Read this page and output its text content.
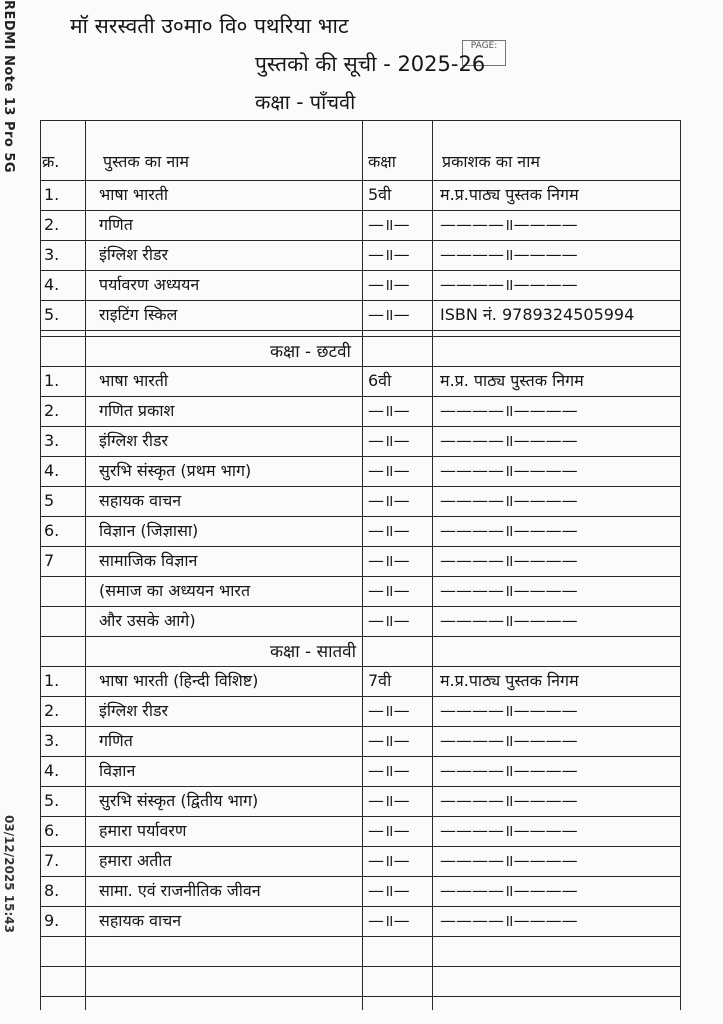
REDMI Note 13 Pro 5G
03/12/2025 15:43
मॉ सरस्वती उ०मा० वि० पथरिया भाट
PAGE:
पुस्तको की सूची - 2025-26
कक्षा - पाँचवी
क्र.	पुस्तक का नाम	कक्षा	प्रकाशक का नाम
1. भाषा भारती	5वी	म.प्र.पाठ्य पुस्तक निगम
2. गणित	—॥— ————॥————
3. इंग्लिश रीडर	—॥— ————॥————
4. पर्यावरण अध्ययन	—॥— ————॥————
5. राइटिंग स्किल	—॥— ISBN नं. 9789324505994
कक्षा - छटवी
1. भाषा भारती	6वी	म.प्र. पाठ्य पुस्तक निगम
2. गणित प्रकाश	—॥— ————॥————
3. इंग्लिश रीडर	—॥— ————॥————
4. सुरभि संस्कृत (प्रथम भाग)	—॥— ————॥————
5	सहायक वाचन	—॥— ————॥————
6. विज्ञान (जिज्ञासा)	—॥— ————॥————
7	सामाजिक विज्ञान	—॥— ————॥————
(समाज का अध्ययन भारत	—॥— ————॥————
और उसके आगे)	—॥— ————॥————
कक्षा - सातवी
1. भाषा भारती (हिन्दी विशिष्ट)	7वी	म.प्र.पाठ्य पुस्तक निगम
2. इंग्लिश रीडर	—॥— ————॥————
3. गणित	—॥— ————॥————
4. विज्ञान	—॥— ————॥————
5. सुरभि संस्कृत (द्वितीय भाग)	—॥— ————॥————
6. हमारा पर्यावरण	—॥— ————॥————
7. हमारा अतीत	—॥— ————॥————
8. सामा. एवं राजनीतिक जीवन	—॥— ————॥————
9. सहायक वाचन	—॥— ————॥————
